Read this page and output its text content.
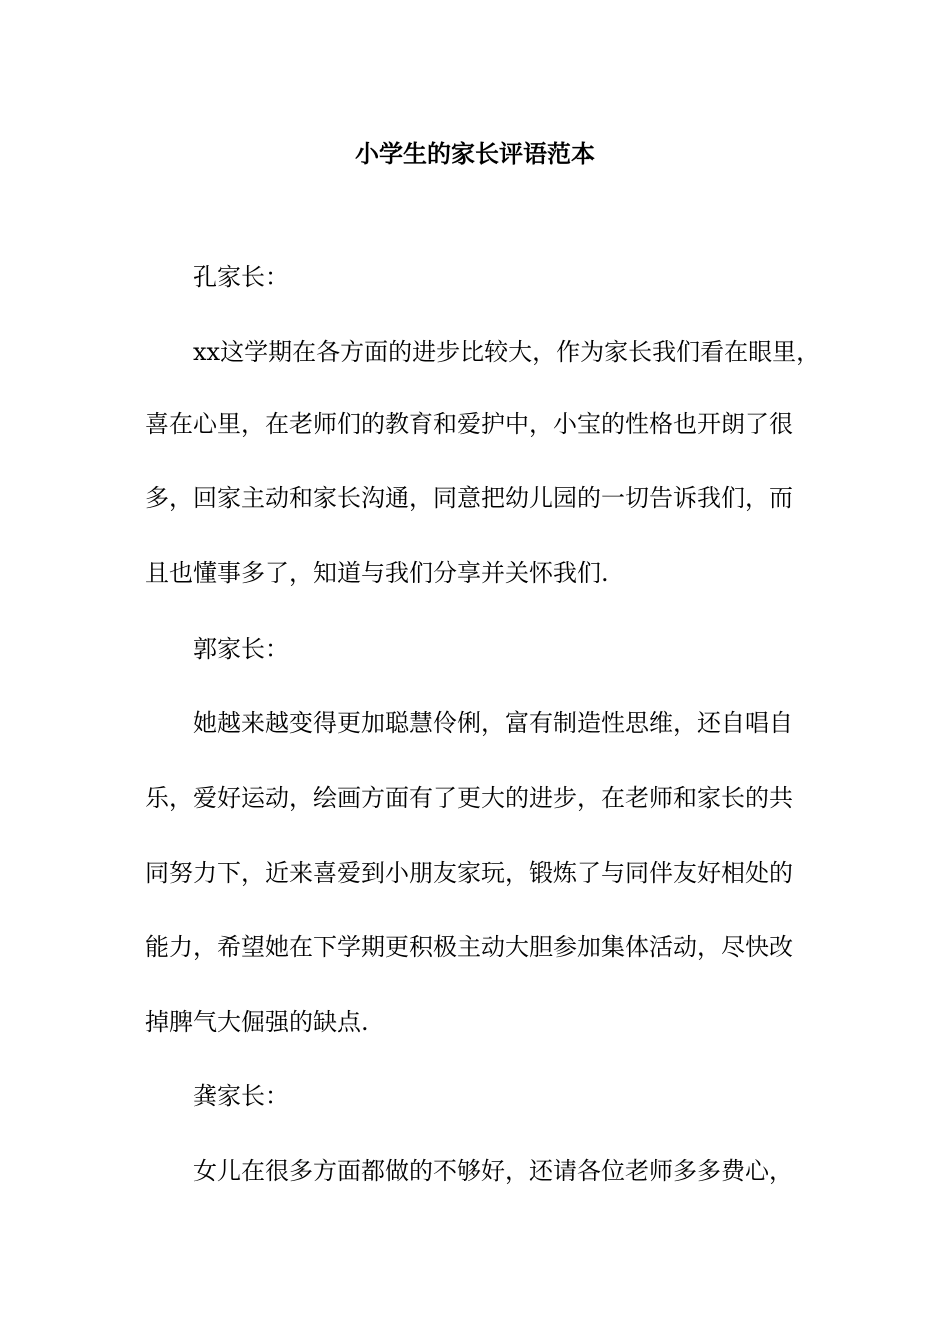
小学生的家长评语范本
孔家长：
xx这学期在各方面的进步比较大，作为家长我们看在眼里，
喜在心里，在老师们的教育和爱护中，小宝的性格也开朗了很
多，回家主动和家长沟通，同意把幼儿园的一切告诉我们，而
且也懂事多了，知道与我们分享并关怀我们.
郭家长：
她越来越变得更加聪慧伶俐，富有制造性思维，还自唱自
乐，爱好运动，绘画方面有了更大的进步，在老师和家长的共
同努力下，近来喜爱到小朋友家玩，锻炼了与同伴友好相处的
能力，希望她在下学期更积极主动大胆参加集体活动，尽快改
掉脾气大倔强的缺点.
龚家长：
女儿在很多方面都做的不够好，还请各位老师多多费心，
